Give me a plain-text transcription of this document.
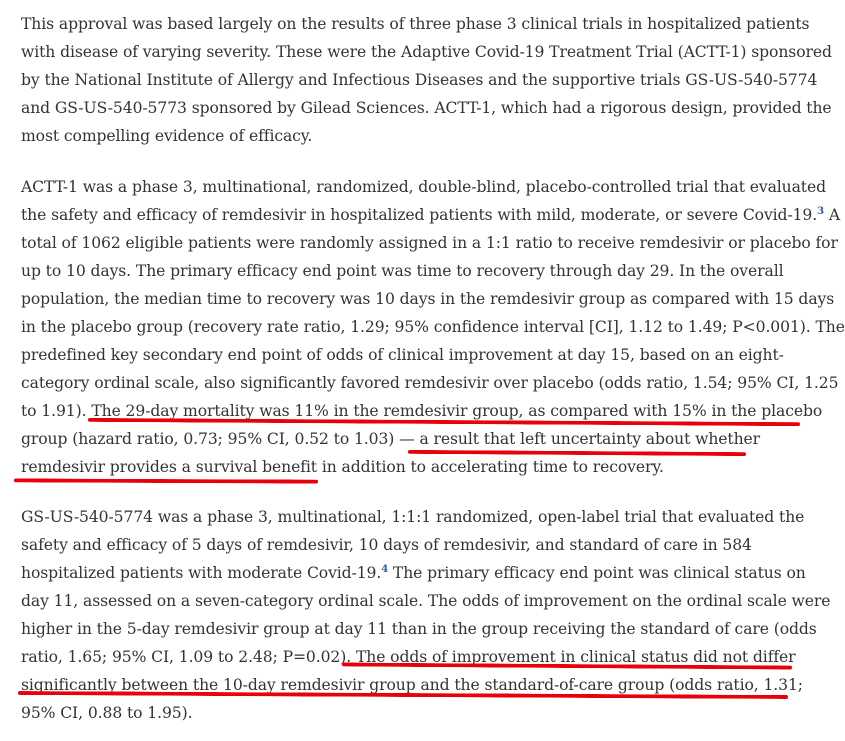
This approval was based largely on the results of three phase 3 clinical trials in hospitalized patients
with disease of varying severity. These were the Adaptive Covid-19 Treatment Trial (ACTT-1) sponsored
by the National Institute of Allergy and Infectious Diseases and the supportive trials GS-US-540-5774
and GS-US-540-5773 sponsored by Gilead Sciences. ACTT-1, which had a rigorous design, provided the
most compelling evidence of efficacy.
ACTT-1 was a phase 3, multinational, randomized, double-blind, placebo-controlled trial that evaluated
the safety and efficacy of remdesivir in hospitalized patients with mild, moderate, or severe Covid-19.$^3$ A
total of 1062 eligible patients were randomly assigned in a 1:1 ratio to receive remdesivir or placebo for
up to 10 days. The primary efficacy end point was time to recovery through day 29. In the overall
population, the median time to recovery was 10 days in the remdesivir group as compared with 15 days
in the placebo group (recovery rate ratio, 1.29; 95% confidence interval [CI], 1.12 to 1.49; P<0.001). The
predefined key secondary end point of odds of clinical improvement at day 15, based on an eight-
category ordinal scale, also significantly favored remdesivir over placebo (odds ratio, 1.54; 95% CI, 1.25
to 1.91). The 29-day mortality was 11% in the remdesivir group, as compared with 15% in the placebo
group (hazard ratio, 0.73; 95% CI, 0.52 to 1.03) — a result that left uncertainty about whether
remdesivir provides a survival benefit in addition to accelerating time to recovery.
GS-US-540-5774 was a phase 3, multinational, 1:1:1 randomized, open-label trial that evaluated the
safety and efficacy of 5 days of remdesivir, 10 days of remdesivir, and standard of care in 584
hospitalized patients with moderate Covid-19.$^4$ The primary efficacy end point was clinical status on
day 11, assessed on a seven-category ordinal scale. The odds of improvement on the ordinal scale were
higher in the 5-day remdesivir group at day 11 than in the group receiving the standard of care (odds
ratio, 1.65; 95% CI, 1.09 to 2.48; P=0.02). The odds of improvement in clinical status did not differ
significantly between the 10-day remdesivir group and the standard-of-care group (odds ratio, 1.31;
95% CI, 0.88 to 1.95).
